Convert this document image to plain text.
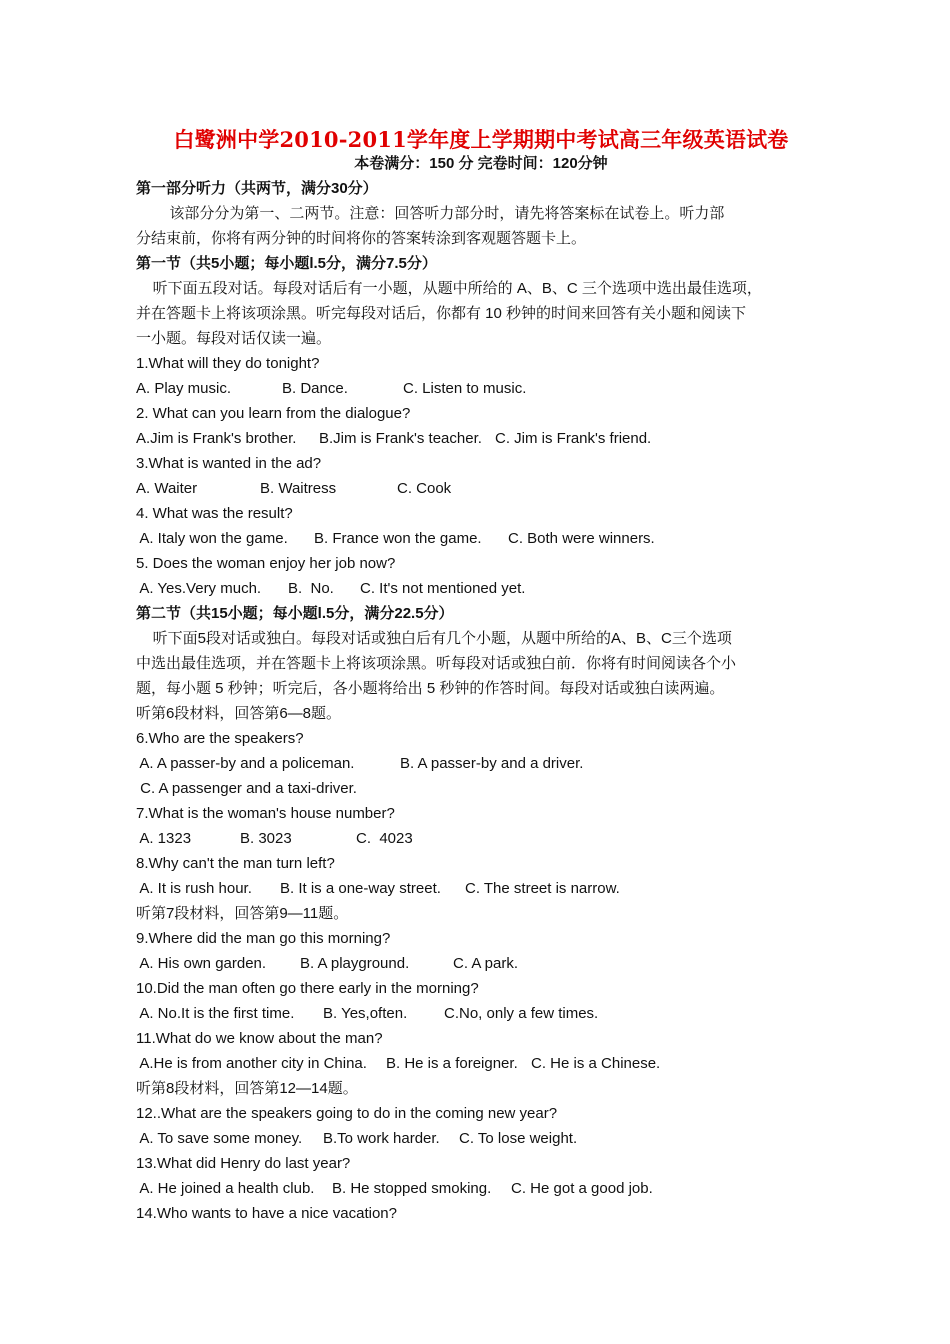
白鹭洲中学2010-2011学年度上学期期中考试高三年级英语试卷
本卷满分：150 分 完卷时间：120分钟
第一部分听力（共两节，满分30分）
该部分分为第一、二两节。注意：回答听力部分时，请先将答案标在试卷上。听力部
分结束前，你将有两分钟的时间将你的答案转涂到客观题答题卡上。
第一节（共5小题；每小题l.5分，满分7.5分）
听下面五段对话。每段对话后有一小题，从题中所给的 A、B、C 三个选项中选出最佳选项，
并在答题卡上将该项涂黑。听完每段对话后，你都有 10 秒钟的时间来回答有关小题和阅读下
一小题。每段对话仅读一遍。
1.What will they do tonight?
A. Play music.	B. Dance.	C. Listen to music.
2. What can you learn from the dialogue?
A.Jim is Frank's brother.	B.Jim is Frank's teacher. C. Jim is Frank's friend.
3.What is wanted in the ad?
A. Waiter	B. Waitress	C. Cook
4. What was the result?
A. Italy won the game.	B. France won the game.	C. Both were winners.
5. Does the woman enjoy her job now?
A. Yes.Very much.	B.  No.	C. It's not mentioned yet.
第二节（共15小题；每小题l.5分，满分22.5分）
听下面5段对话或独白。每段对话或独白后有几个小题，从题中所给的A、B、C三个选项
中选出最佳选项，并在答题卡上将该项涂黑。听每段对话或独白前．你将有时间阅读各个小
题，每小题 5 秒钟；听完后，各小题将给出 5 秒钟的作答时间。每段对话或独白读两遍。
听第6段材料，回答第6—8题。
6.Who are the speakers?
A. A passer-by and a policeman.	B. A passer-by and a driver.
C. A passenger and a taxi-driver.
7.What is the woman's house number?
A. 1323	B. 3023	C.  4023
8.Why can't the man turn left?
A. It is rush hour.	B. It is a one-way street.	C. The street is narrow.
听第7段材料，回答第9—11题。
9.Where did the man go this morning?
A. His own garden.	B. A playground.	C. A park.
10.Did the man often go there early in the morning?
A. No.It is the first time.	B. Yes,often.	C.No, only a few times.
11.What do we know about the man?
A.He is from another city in China.	B. He is a foreigner. C. He is a Chinese.
听第8段材料，回答第12—14题。
12..What are the speakers going to do in the coming new year?
A. To save some money.	B.To work harder.	C. To lose weight.
13.What did Henry do last year?
A. He joined a health club.	B. He stopped smoking.	C. He got a good job.
14.Who wants to have a nice vacation?
